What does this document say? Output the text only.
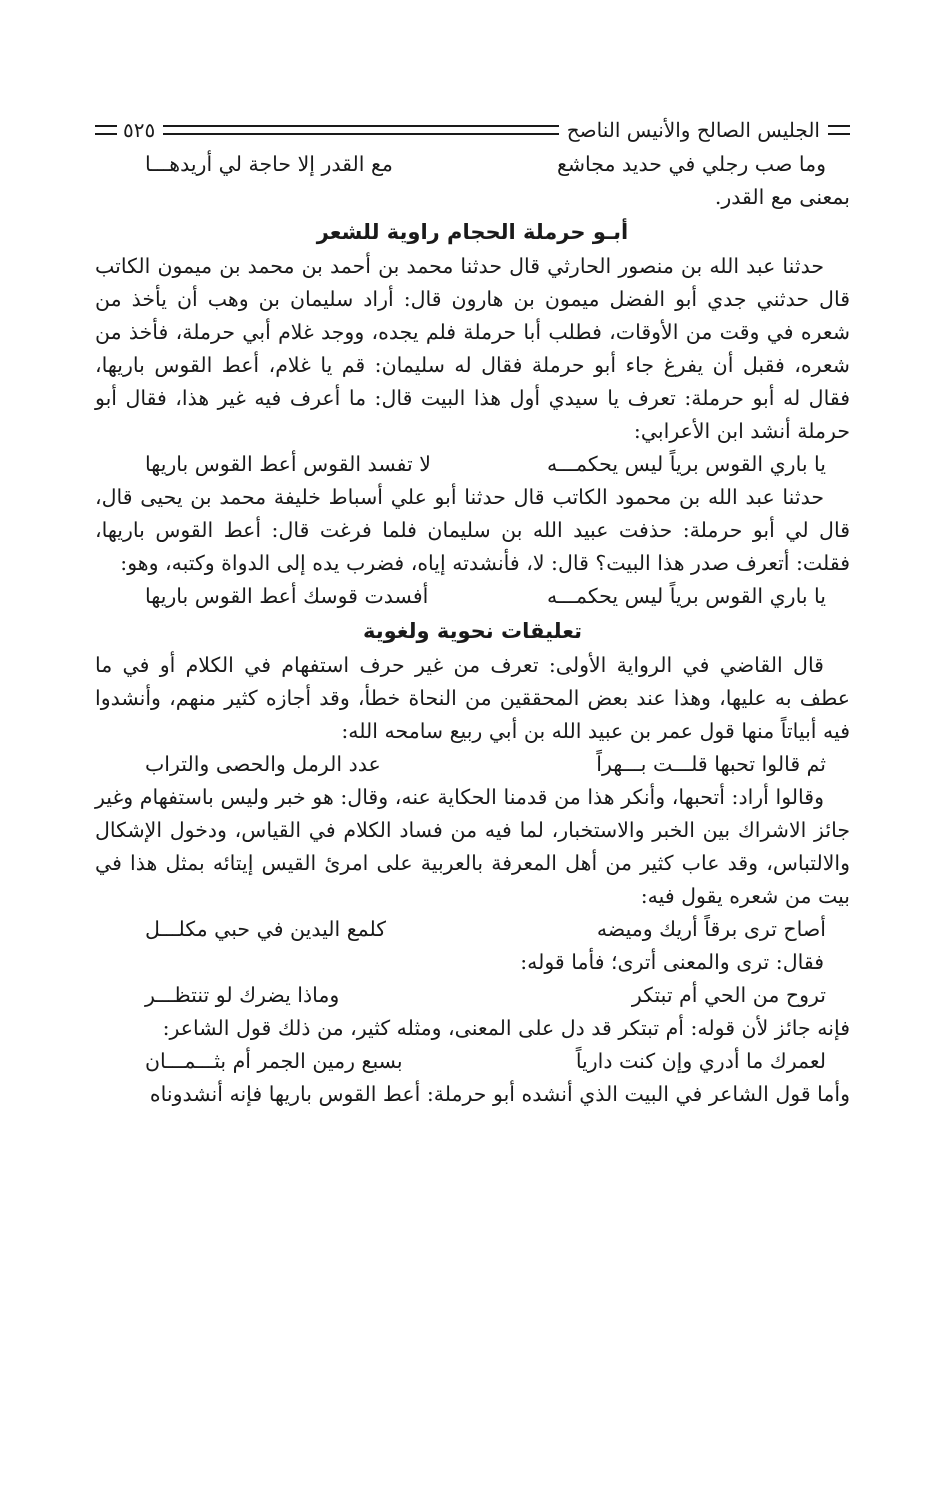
الجليس الصالح والأنيس الناصح
٥٢٥
وما صب رجلي في حديد مجاشع
مع القدر إلا حاجة لي أريدهـــا

بمعنى مع القدر.

أبـو حرملة الحجام راوية للشعر

حدثنا عبد الله بن منصور الحارثي قال حدثنا محمد بن أحمد بن محمد بن ميمون الكاتب قال حدثني جدي أبو الفضل ميمون بن هارون قال: أراد سليمان بن وهب أن يأخذ من شعره في وقت من الأوقات، فطلب أبا حرملة فلم يجده، ووجد غلام أبي حرملة، فأخذ من شعره، فقبل أن يفرغ جاء أبو حرملة فقال له سليمان: قم يا غلام، أعط القوس باريها، فقال له أبو حرملة: تعرف يا سيدي أول هذا البيت قال: ما أعرف فيه غير هذا، فقال أبو حرملة أنشد ابن الأعرابي:

يا باري القوس برياً ليس يحكمـــه
لا تفسد القوس أعط القوس باريها

حدثنا عبد الله بن محمود الكاتب قال حدثنا أبو علي أسباط خليفة محمد بن يحيى قال، قال لي أبو حرملة: حذفت عبيد الله بن سليمان فلما فرغت قال: أعط القوس باريها، فقلت: أتعرف صدر هذا البيت؟ قال: لا، فأنشدته إياه، فضرب يده إلى الدواة وكتبه، وهو:

يا باري القوس برياً ليس يحكمـــه
أفسدت قوسك أعط القوس باريها
تعليقات نحوية ولغوية

قال القاضي في الرواية الأولى: تعرف من غير حرف استفهام في الكلام أو في ما عطف به عليها، وهذا عند بعض المحققين من النحاة خطأ، وقد أجازه كثير منهم، وأنشدوا فيه أبياتاً منها قول عمر بن عبيد الله بن أبي ربيع سامحه الله:

ثم قالوا تحبها قلـــت بـــهراً
عدد الرمل والحصى والتراب

وقالوا أراد: أتحبها، وأنكر هذا من قدمنا الحكاية عنه، وقال: هو خبر وليس باستفهام وغير جائز الاشراك بين الخبر والاستخبار، لما فيه من فساد الكلام في القياس، ودخول الإشكال والالتباس، وقد عاب كثير من أهل المعرفة بالعربية على امرئ القيس إيتائه بمثل هذا في بيت من شعره يقول فيه:

أصاح ترى برقاً أريك وميضه
كلمع اليدين في حبي مكلـــل

فقال: ترى والمعنى أترى؛ فأما قوله:

تروح من الحي أم تبتكر
وماذا يضرك لو تنتظـــر

فإنه جائز لأن قوله: أم تبتكر قد دل على المعنى، ومثله كثير، من ذلك قول الشاعر:

لعمرك ما أدري وإن كنت دارياً
بسبع رمين الجمر أم بثـــمـــان

وأما قول الشاعر في البيت الذي أنشده أبو حرملة: أعط القوس باريها فإنه أنشدوناه
